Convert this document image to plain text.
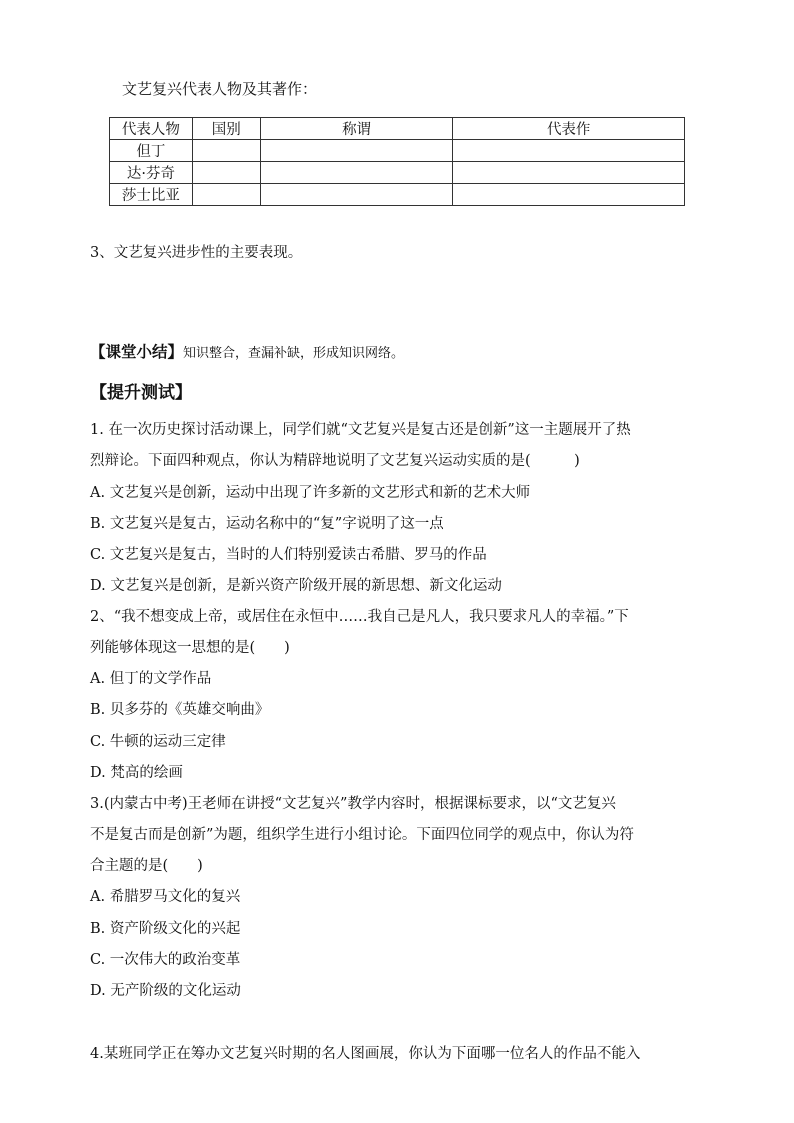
文艺复兴代表人物及其著作：
代表人物	国别	称谓	代表作
但丁			
达·芬奇			
莎士比亚			
3、文艺复兴进步性的主要表现。
【课堂小结】知识整合，查漏补缺，形成知识网络。
【提升测试】
1. 在一次历史探讨活动课上，同学们就“文艺复兴是复古还是创新”这一主题展开了热
烈辩论。下面四种观点，你认为精辟地说明了文艺复兴运动实质的是(　　　)
A. 文艺复兴是创新，运动中出现了许多新的文艺形式和新的艺术大师
B. 文艺复兴是复古，运动名称中的“复”字说明了这一点
C. 文艺复兴是复古，当时的人们特别爱读古希腊、罗马的作品
D. 文艺复兴是创新，是新兴资产阶级开展的新思想、新文化运动
2、“我不想变成上帝，或居住在永恒中……我自己是凡人，我只要求凡人的幸福。”下
列能够体现这一思想的是(　　)
A. 但丁的文学作品
B. 贝多芬的《英雄交响曲》
C. 牛顿的运动三定律
D. 梵高的绘画
3.(内蒙古中考)王老师在讲授“文艺复兴”教学内容时，根据课标要求，以“文艺复兴
不是复古而是创新”为题，组织学生进行小组讨论。下面四位同学的观点中，你认为符
合主题的是(　　)
A. 希腊罗马文化的复兴
B. 资产阶级文化的兴起
C. 一次伟大的政治变革
D. 无产阶级的文化运动
4.某班同学正在筹办文艺复兴时期的名人图画展，你认为下面哪一位名人的作品不能入
